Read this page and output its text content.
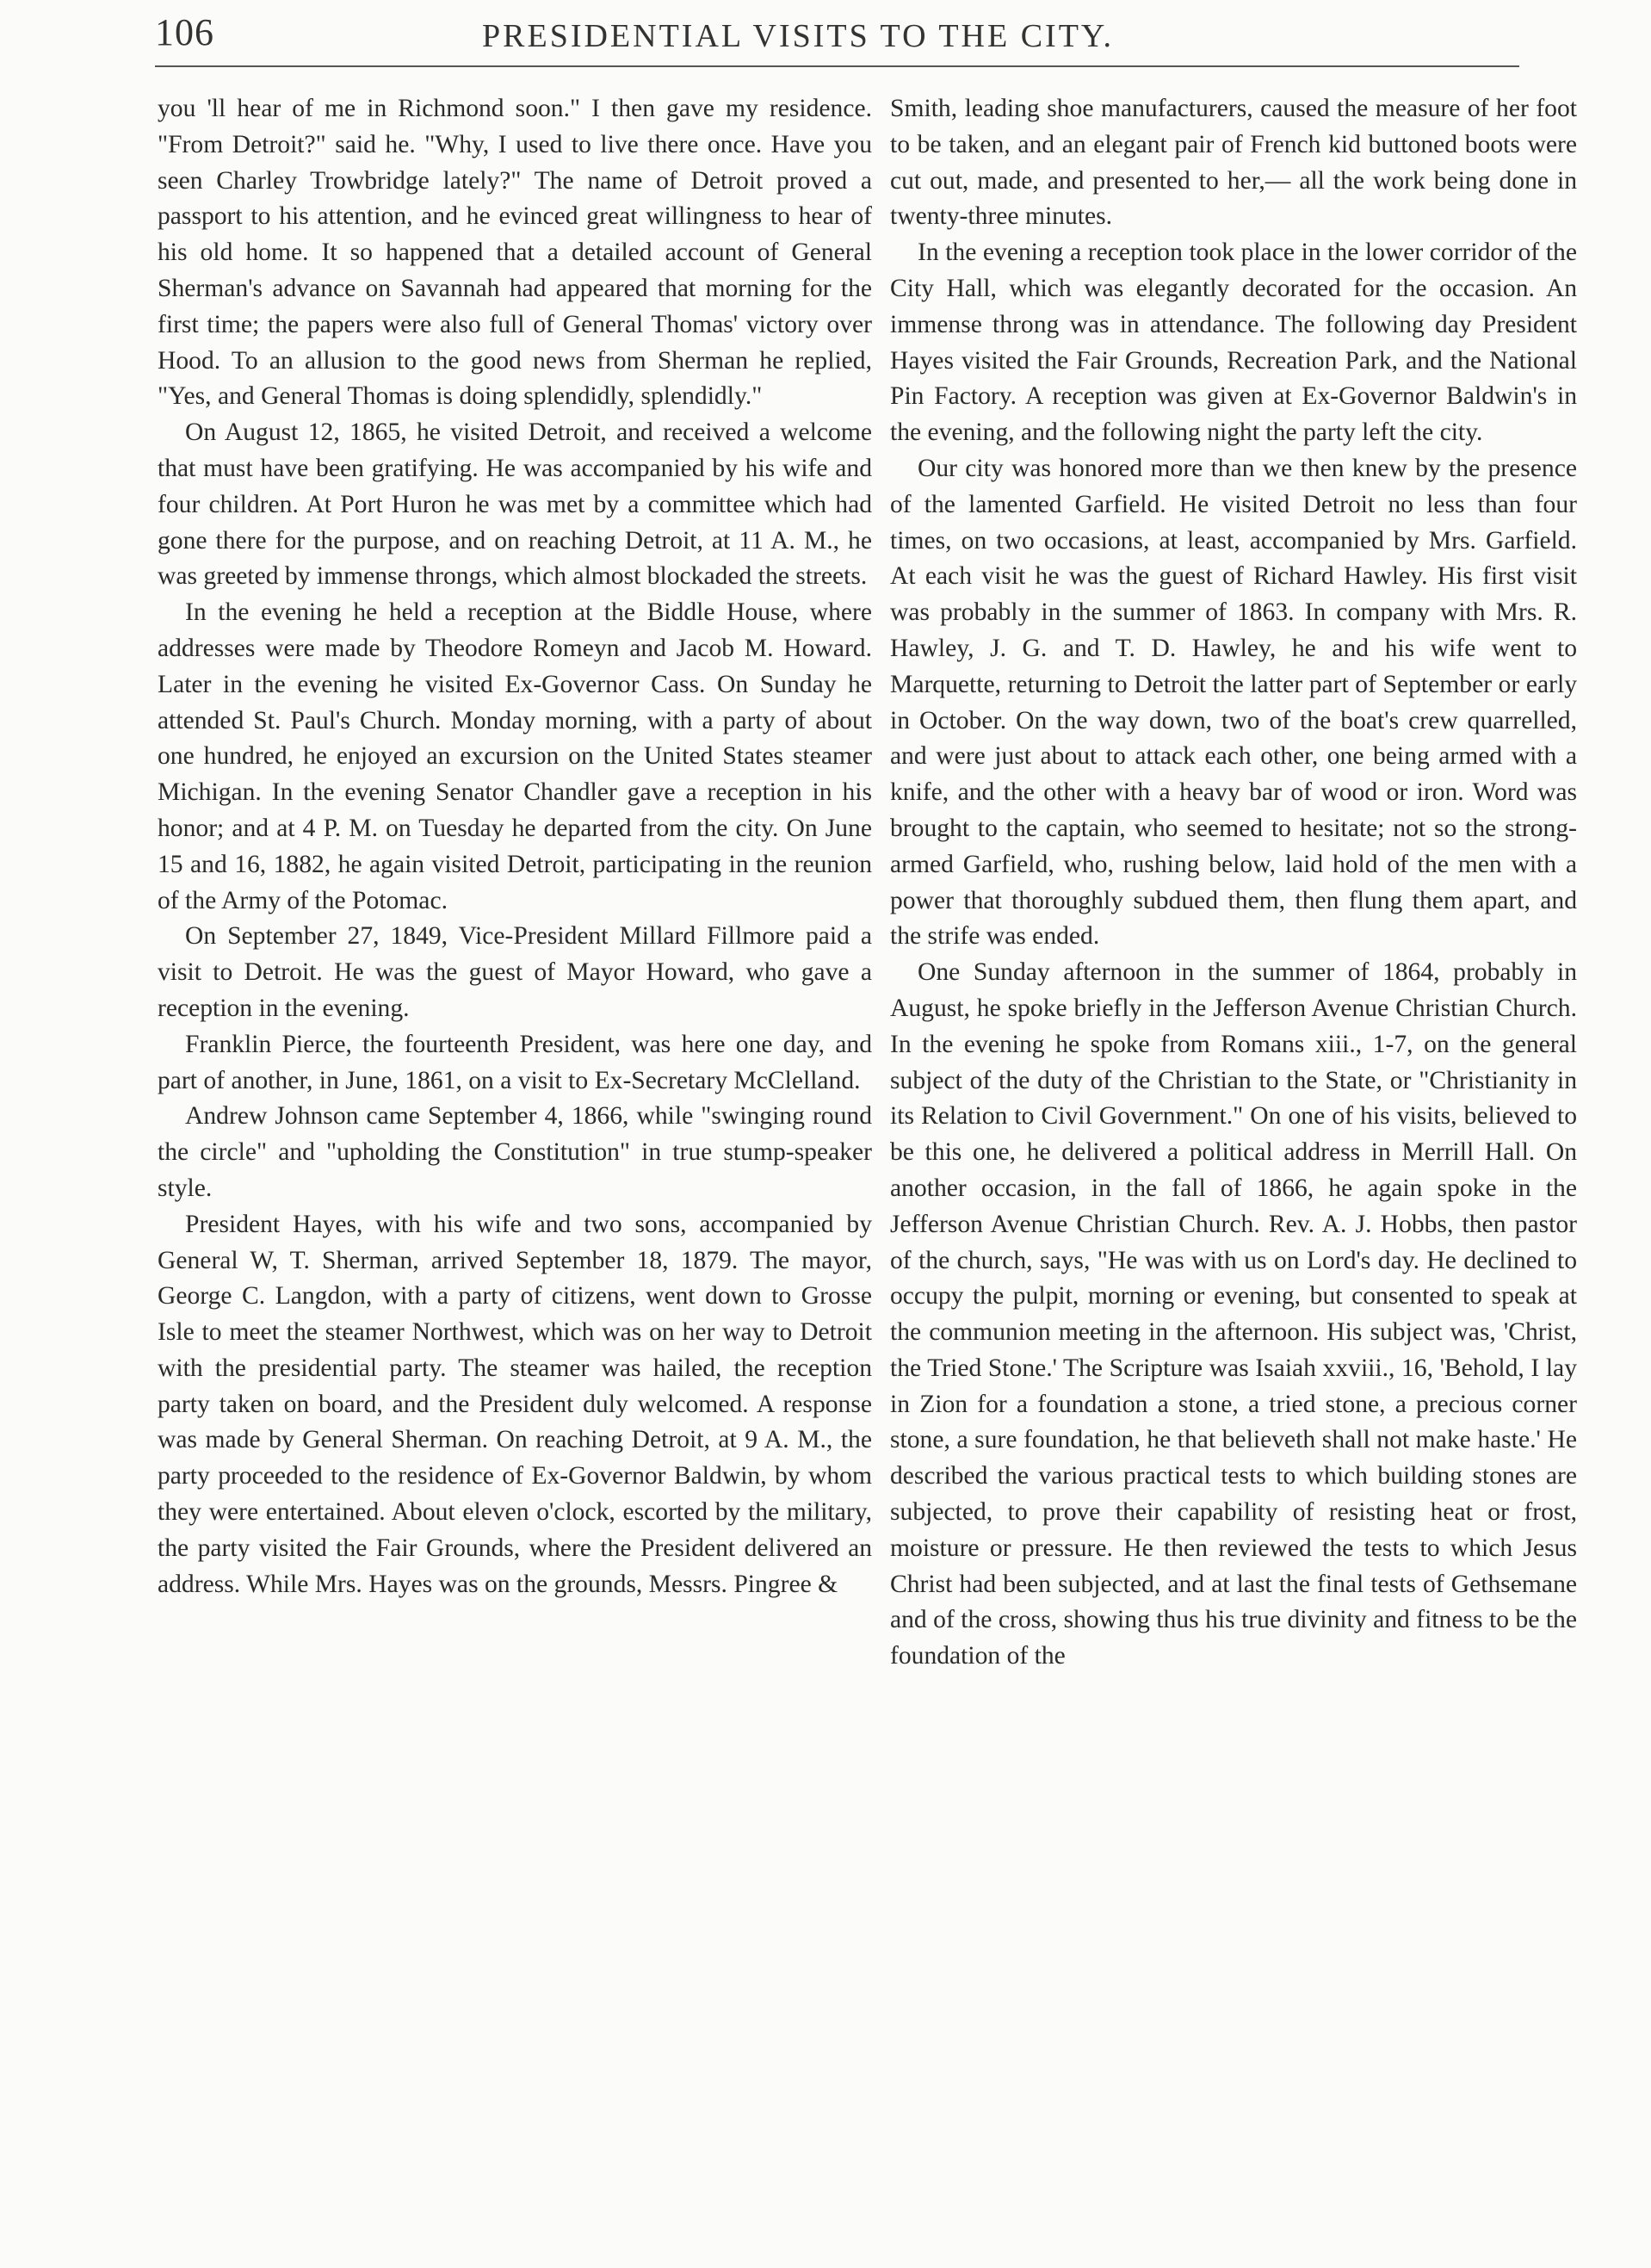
106	PRESIDENTIAL VISITS TO THE CITY.

you 'll hear of me in Richmond soon." I then gave my residence. "From Detroit?" said he. "Why, I used to live there once. Have you seen Charley Trowbridge lately?" The name of Detroit proved a passport to his attention, and he evinced great willingness to hear of his old home. It so happened that a detailed account of General Sherman's advance on Savannah had appeared that morning for the first time; the papers were also full of General Thomas' victory over Hood. To an allusion to the good news from Sherman he replied, "Yes, and General Thomas is doing splendidly, splendidly."

On August 12, 1865, he visited Detroit, and received a welcome that must have been gratifying. He was accompanied by his wife and four children. At Port Huron he was met by a committee which had gone there for the purpose, and on reaching Detroit, at 11 A. M., he was greeted by immense throngs, which almost blockaded the streets.

In the evening he held a reception at the Biddle House, where addresses were made by Theodore Romeyn and Jacob M. Howard. Later in the evening he visited Ex-Governor Cass. On Sunday he attended St. Paul's Church. Monday morning, with a party of about one hundred, he enjoyed an excursion on the United States steamer Michigan. In the evening Senator Chandler gave a reception in his honor; and at 4 P. M. on Tuesday he departed from the city. On June 15 and 16, 1882, he again visited Detroit, participating in the reunion of the Army of the Potomac.

On September 27, 1849, Vice-President Millard Fillmore paid a visit to Detroit. He was the guest of Mayor Howard, who gave a reception in the evening.

Franklin Pierce, the fourteenth President, was here one day, and part of another, in June, 1861, on a visit to Ex-Secretary McClelland.

Andrew Johnson came September 4, 1866, while "swinging round the circle" and "upholding the Constitution" in true stump-speaker style.

President Hayes, with his wife and two sons, accompanied by General W, T. Sherman, arrived September 18, 1879. The mayor, George C. Langdon, with a party of citizens, went down to Grosse Isle to meet the steamer Northwest, which was on her way to Detroit with the presidential party. The steamer was hailed, the reception party taken on board, and the President duly welcomed. A response was made by General Sherman. On reaching Detroit, at 9 A. M., the party proceeded to the residence of Ex-Governor Baldwin, by whom they were entertained. About eleven o'clock, escorted by the military, the party visited the Fair Grounds, where the President delivered an address. While Mrs. Hayes was on the grounds, Messrs. Pingree &

Smith, leading shoe manufacturers, caused the measure of her foot to be taken, and an elegant pair of French kid buttoned boots were cut out, made, and presented to her,— all the work being done in twenty-three minutes.

In the evening a reception took place in the lower corridor of the City Hall, which was elegantly decorated for the occasion. An immense throng was in attendance. The following day President Hayes visited the Fair Grounds, Recreation Park, and the National Pin Factory. A reception was given at Ex-Governor Baldwin's in the evening, and the following night the party left the city.

Our city was honored more than we then knew by the presence of the lamented Garfield. He visited Detroit no less than four times, on two occasions, at least, accompanied by Mrs. Garfield. At each visit he was the guest of Richard Hawley. His first visit was probably in the summer of 1863. In company with Mrs. R. Hawley, J. G. and T. D. Hawley, he and his wife went to Marquette, returning to Detroit the latter part of September or early in October. On the way down, two of the boat's crew quarrelled, and were just about to attack each other, one being armed with a knife, and the other with a heavy bar of wood or iron. Word was brought to the captain, who seemed to hesitate; not so the strong-armed Garfield, who, rushing below, laid hold of the men with a power that thoroughly subdued them, then flung them apart, and the strife was ended.

One Sunday afternoon in the summer of 1864, probably in August, he spoke briefly in the Jefferson Avenue Christian Church. In the evening he spoke from Romans xiii., 1-7, on the general subject of the duty of the Christian to the State, or "Christianity in its Relation to Civil Government." On one of his visits, believed to be this one, he delivered a political address in Merrill Hall. On another occasion, in the fall of 1866, he again spoke in the Jefferson Avenue Christian Church. Rev. A. J. Hobbs, then pastor of the church, says, "He was with us on Lord's day. He declined to occupy the pulpit, morning or evening, but consented to speak at the communion meeting in the afternoon. His subject was, 'Christ, the Tried Stone.' The Scripture was Isaiah xxviii., 16, 'Behold, I lay in Zion for a foundation a stone, a tried stone, a precious corner stone, a sure foundation, he that believeth shall not make haste.' He described the various practical tests to which building stones are subjected, to prove their capability of resisting heat or frost, moisture or pressure. He then reviewed the tests to which Jesus Christ had been subjected, and at last the final tests of Gethsemane and of the cross, showing thus his true divinity and fitness to be the foundation of the
